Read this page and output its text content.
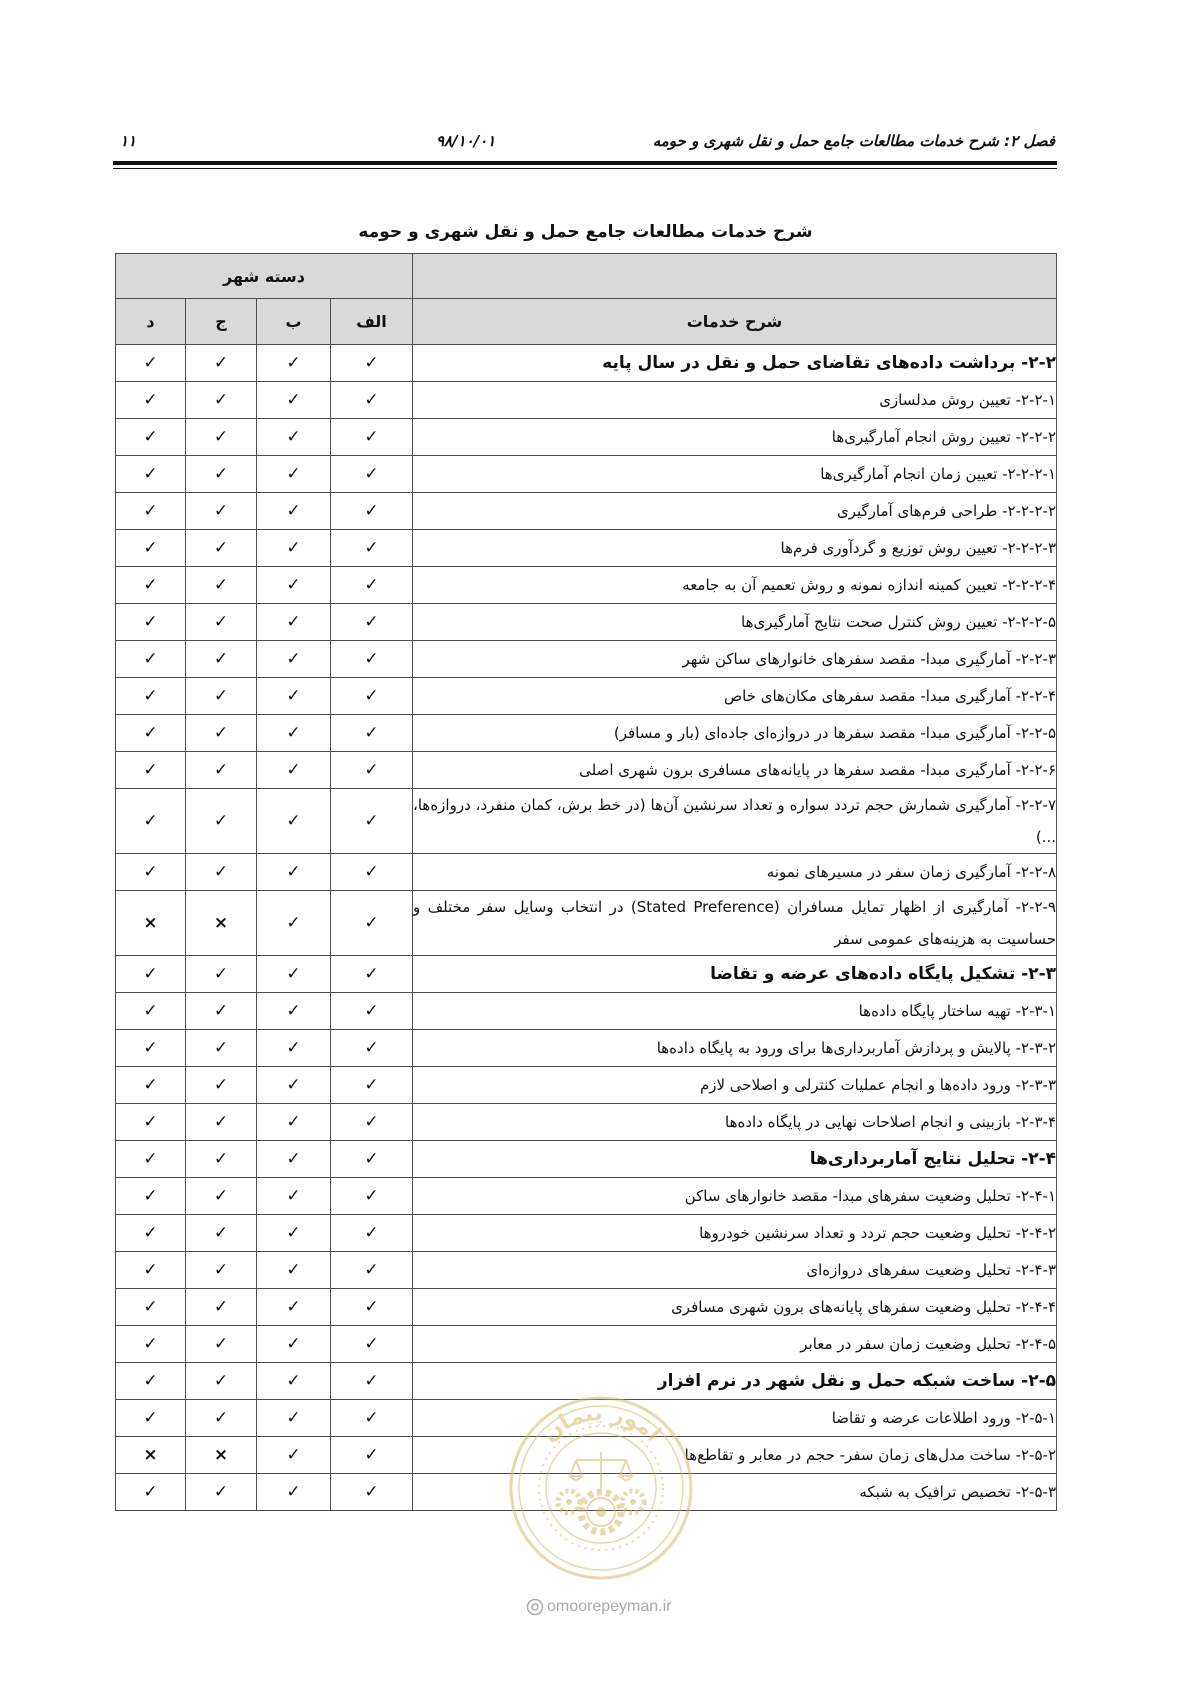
فصل ۲: شرح خدمات مطالعات جامع حمل و نقل شهری و حومه
۹۸/۱۰/۰۱
۱۱
شرح خدمات مطالعات جامع حمل و نقل شهری و حومه
	دسته شهر			
شرح خدمات	الف	ب	ج	د
۲-۲- برداشت داده‌های تقاضای حمل و نقل در سال پایه	✓	✓	✓	✓
۲-۲-۱- تعیین روش مدلسازی	✓	✓	✓	✓
۲-۲-۲- تعیین روش انجام آمارگیری‌ها	✓	✓	✓	✓
۲-۲-۲-۱- تعیین زمان انجام آمارگیری‌ها	✓	✓	✓	✓
۲-۲-۲-۲- طراحی فرم‌های آمارگیری	✓	✓	✓	✓
۲-۲-۲-۳- تعیین روش توزیع و گردآوری فرم‌ها	✓	✓	✓	✓
۲-۲-۲-۴- تعیین کمینه اندازه نمونه و روش تعمیم آن به جامعه	✓	✓	✓	✓
۲-۲-۲-۵- تعیین روش کنترل صحت نتایج آمارگیری‌ها	✓	✓	✓	✓
۲-۲-۳- آمارگیری مبدا- مقصد سفرهای خانوارهای ساکن شهر	✓	✓	✓	✓
۲-۲-۴- آمارگیری مبدا- مقصد سفرهای مکان‌های خاص	✓	✓	✓	✓
۲-۲-۵- آمارگیری مبدا- مقصد سفرها در دروازه‌ای جاده‌ای (بار و مسافر)	✓	✓	✓	✓
۲-۲-۶- آمارگیری مبدا- مقصد سفرها در پایانه‌های مسافری برون شهری اصلی	✓	✓	✓	✓
۲-۲-۷- آمارگیری شمارش حجم تردد سواره و تعداد سرنشین آن‌ها (در خط برش، کمان منفرد، دروازه‌ها، ...)	✓	✓	✓	✓
۲-۲-۸- آمارگیری زمان سفر در مسیرهای نمونه	✓	✓	✓	✓
۲-۲-۹- آمارگیری از اظهار تمایل مسافران (Stated Preference) در انتخاب وسایل سفر مختلف و حساسیت به هزینه‌های عمومی سفر	✓	✓	×	×
۲-۳- تشکیل پایگاه داده‌های عرضه و تقاضا	✓	✓	✓	✓
۲-۳-۱- تهیه ساختار پایگاه داده‌ها	✓	✓	✓	✓
۲-۳-۲- پالایش و پردازش آماربرداری‌ها برای ورود به پایگاه داده‌ها	✓	✓	✓	✓
۲-۳-۳- ورود داده‌ها و انجام عملیات کنترلی و اصلاحی لازم	✓	✓	✓	✓
۲-۳-۴- بازبینی و انجام اصلاحات نهایی در پایگاه داده‌ها	✓	✓	✓	✓
۲-۴- تحلیل نتایج آماربرداری‌ها	✓	✓	✓	✓
۲-۴-۱- تحلیل وضعیت سفرهای مبدا- مقصد خانوارهای ساکن	✓	✓	✓	✓
۲-۴-۲- تحلیل وضعیت حجم تردد و تعداد سرنشین خودروها	✓	✓	✓	✓
۲-۴-۳- تحلیل وضعیت سفرهای دروازه‌ای	✓	✓	✓	✓
۲-۴-۴- تحلیل وضعیت سفرهای پایانه‌های برون شهری مسافری	✓	✓	✓	✓
۲-۴-۵- تحلیل وضعیت زمان سفر در معابر	✓	✓	✓	✓
۲-۵- ساخت شبکه حمل و نقل شهر در نرم افزار	✓	✓	✓	✓
۲-۵-۱- ورود اطلاعات عرضه و تقاضا	✓	✓	✓	✓
۲-۵-۲- ساخت مدل‌های زمان سفر- حجم در معابر و تقاطع‌ها	✓	✓	×	×
۲-۵-۳- تخصیص ترافیک به شبکه	✓	✓	✓	✓
امور پیمان
omoorepeyman.ir
